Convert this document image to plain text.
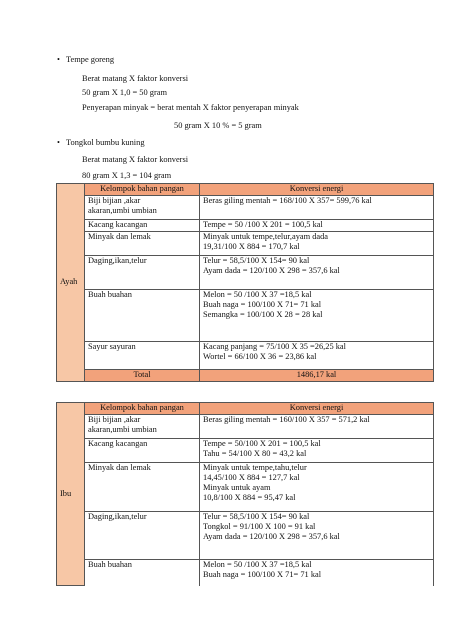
• Tempe goreng
Berat matang X faktor konversi
50 gram X 1,0 = 50 gram
Penyerapan minyak = berat mentah X faktor penyerapan minyak
50 gram X 10 % = 5 gram
• Tongkol bumbu kuning
Berat matang X faktor konversi
80 gram X 1,3 = 104 gram
Ayah	Kelompok bahan pangan	Konversi energi

	Biji bijian ,akar
akaran,umbi umbian	Beras giling mentah = 168/100 X 357= 599,76 kal

	Kacang kacangan	Tempe = 50 /100 X 201 = 100,5 kal

	Minyak dan lemak	Minyak untuk tempe,telur,ayam dada
19,31/100 X 884 = 170,7 kal

	Daging,ikan,telur	Telur = 58,5/100 X 154= 90 kal
Ayam dada = 120/100 X 298 = 357,6 kal

	Buah buahan	Melon = 50 /100 X 37 =18,5 kal
Buah naga = 100/100 X 71= 71 kal
Semangka = 100/100 X 28 = 28 kal

	Sayur sayuran	Kacang panjang = 75/100 X 35 =26,25 kal
Wortel = 66/100 X 36 = 23,86 kal

	Total	1486,17 kal
Ibu	Kelompok bahan pangan	Konversi energi

	Biji bijian ,akar
akaran,umbi umbian	Beras giling mentah = 160/100 X 357 = 571,2 kal

	Kacang kacangan	Tempe = 50/100 X 201 = 100,5 kal
Tahu = 54/100 X 80 = 43,2 kal

	Minyak dan lemak	Minyak untuk tempe,tahu,telur
14,45/100 X 884 = 127,7 kal
Minyak untuk ayam
10,8/100 X 884 = 95,47 kal

	Daging,ikan,telur	Telur = 58,5/100 X 154= 90 kal
Tongkol = 91/100 X 100 = 91 kal
Ayam dada = 120/100 X 298 = 357,6 kal

	Buah buahan	Melon = 50 /100 X 37 =18,5 kal
Buah naga = 100/100 X 71= 71 kal
